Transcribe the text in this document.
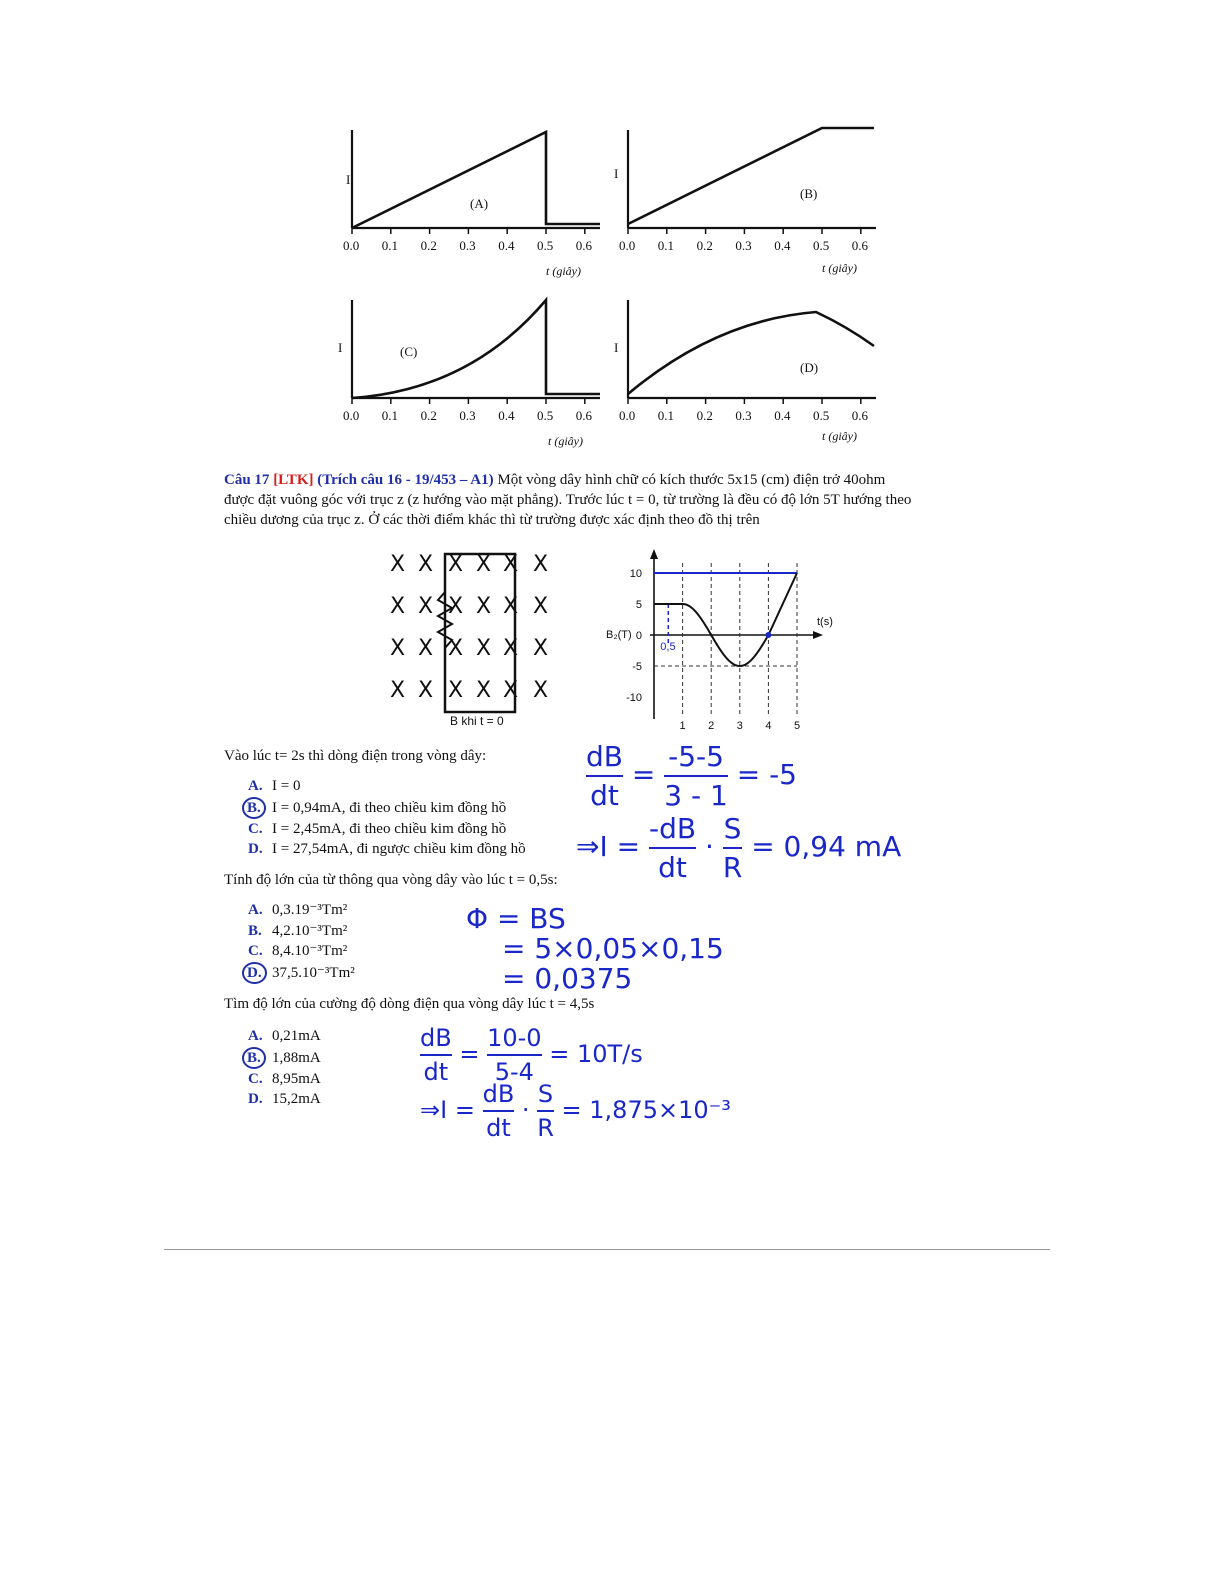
0.0 0.1 0.2 0.3 0.4 0.5 0.6
I
(A)
t (giây)
0.0 0.1 0.2 0.3 0.4 0.5 0.6
I
(B)
t (giây)
0.0 0.1 0.2 0.3 0.4 0.5 0.6
I	(C)
t (giây)
0.0 0.1 0.2 0.3 0.4 0.5 0.6
I
(D)
t (giây)
Câu 17 [LTK] (Trích câu 16 - 19/453 – A1) Một vòng dây hình chữ có kích thước 5x15 (cm) điện trở 40ohm
được đặt vuông góc với trục z (z hướng vào mặt phẳng). Trước lúc t = 0, từ trường là đều có độ lớn 5T hướng theo
chiều dương của trục z. Ở các thời điểm khác thì từ trường được xác định theo đồ thị trên
X X X X X X
X X X X X X
X X X X X X
X X X X X X
B khi t = 0
10
5
0
-5
-10
1 2 3 4 5
B₂(T)
t(s)
0,5
Vào lúc t= 2s thì dòng điện trong vòng dây:
A. I = 0
B. I = 0,94mA, đi theo chiều kim đồng hồ
C. I = 2,45mA, đi theo chiều kim đồng hồ
D. I = 27,54mA, đi ngược chiều kim đồng hồ
Tính độ lớn của từ thông qua vòng dây vào lúc t = 0,5s:
A. 0,3.19⁻³Tm²
B. 4,2.10⁻³Tm²
C. 8,4.10⁻³Tm²
D. 37,5.10⁻³Tm²
Tìm độ lớn của cường độ dòng điện qua vòng dây lúc t = 4,5s
A. 0,21mA
B. 1,88mA
C. 8,95mA
D. 15,2mA
$\frac{dB}{dt} = \frac{-5-5}{3 - 1} = -5$
⇒I = $\frac{-dB}{dt} \cdot \frac{S}{R} = 0,94$ mA
Φ = BS
= 5×0,05×0,15
= 0,0375
$\frac{dB}{dt} = \frac{10-0}{5-4} = 10T/s$
⇒I = $\frac{dB}{dt} \cdot \frac{S}{R} = 1,875\times 10^{-3}$
